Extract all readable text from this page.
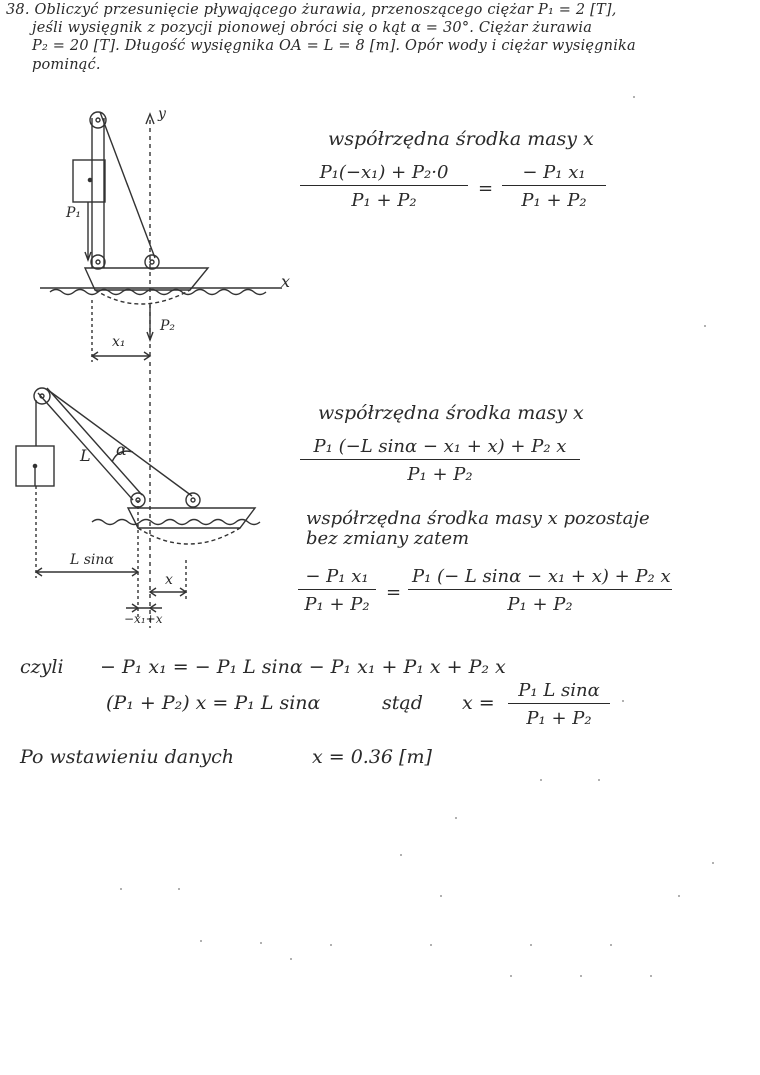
38. Obliczyć przesunięcie pływającego żurawia, przenoszącego ciężar P₁ = 2 [T],
jeśli wysięgnik z pozycji pionowej obróci się o kąt α = 30°. Ciężar żurawia
P₂ = 20 [T]. Długość wysięgnika OA = L = 8 [m]. Opór wody i ciężar wysięgnika
pominąć.
y
x
P₁
P₂
x₁
L α
L sinα
x
−x₁+x
współrzędna środka masy x
$\frac{\text{P₁(−x₁) + P₂·0}}{\text{P₁ + P₂}} = \frac{\text{− P₁ x₁}}{\text{P₁ + P₂}}$
współrzędna środka masy x
$\frac{\text{P₁ (−L sinα − x₁ + x) + P₂ x}}{\text{P₁ + P₂}}$
współrzędna środka masy x pozostaje
bez zmiany zatem
$\frac{\text{− P₁ x₁}}{\text{P₁ + P₂}} = \frac{\text{P₁ (− L sinα − x₁ + x) + P₂ x}}{\text{P₁ + P₂}}$
czyli − P₁ x₁ = − P₁ L sinα − P₁ x₁ + P₁ x + P₂ x
(P₁ + P₂) x = P₁ L sinα	stąd $x = \frac{\text{P₁ L sinα}}{\text{P₁ + P₂}}$
Po wstawieniu danych	x = 0.36 [m]
